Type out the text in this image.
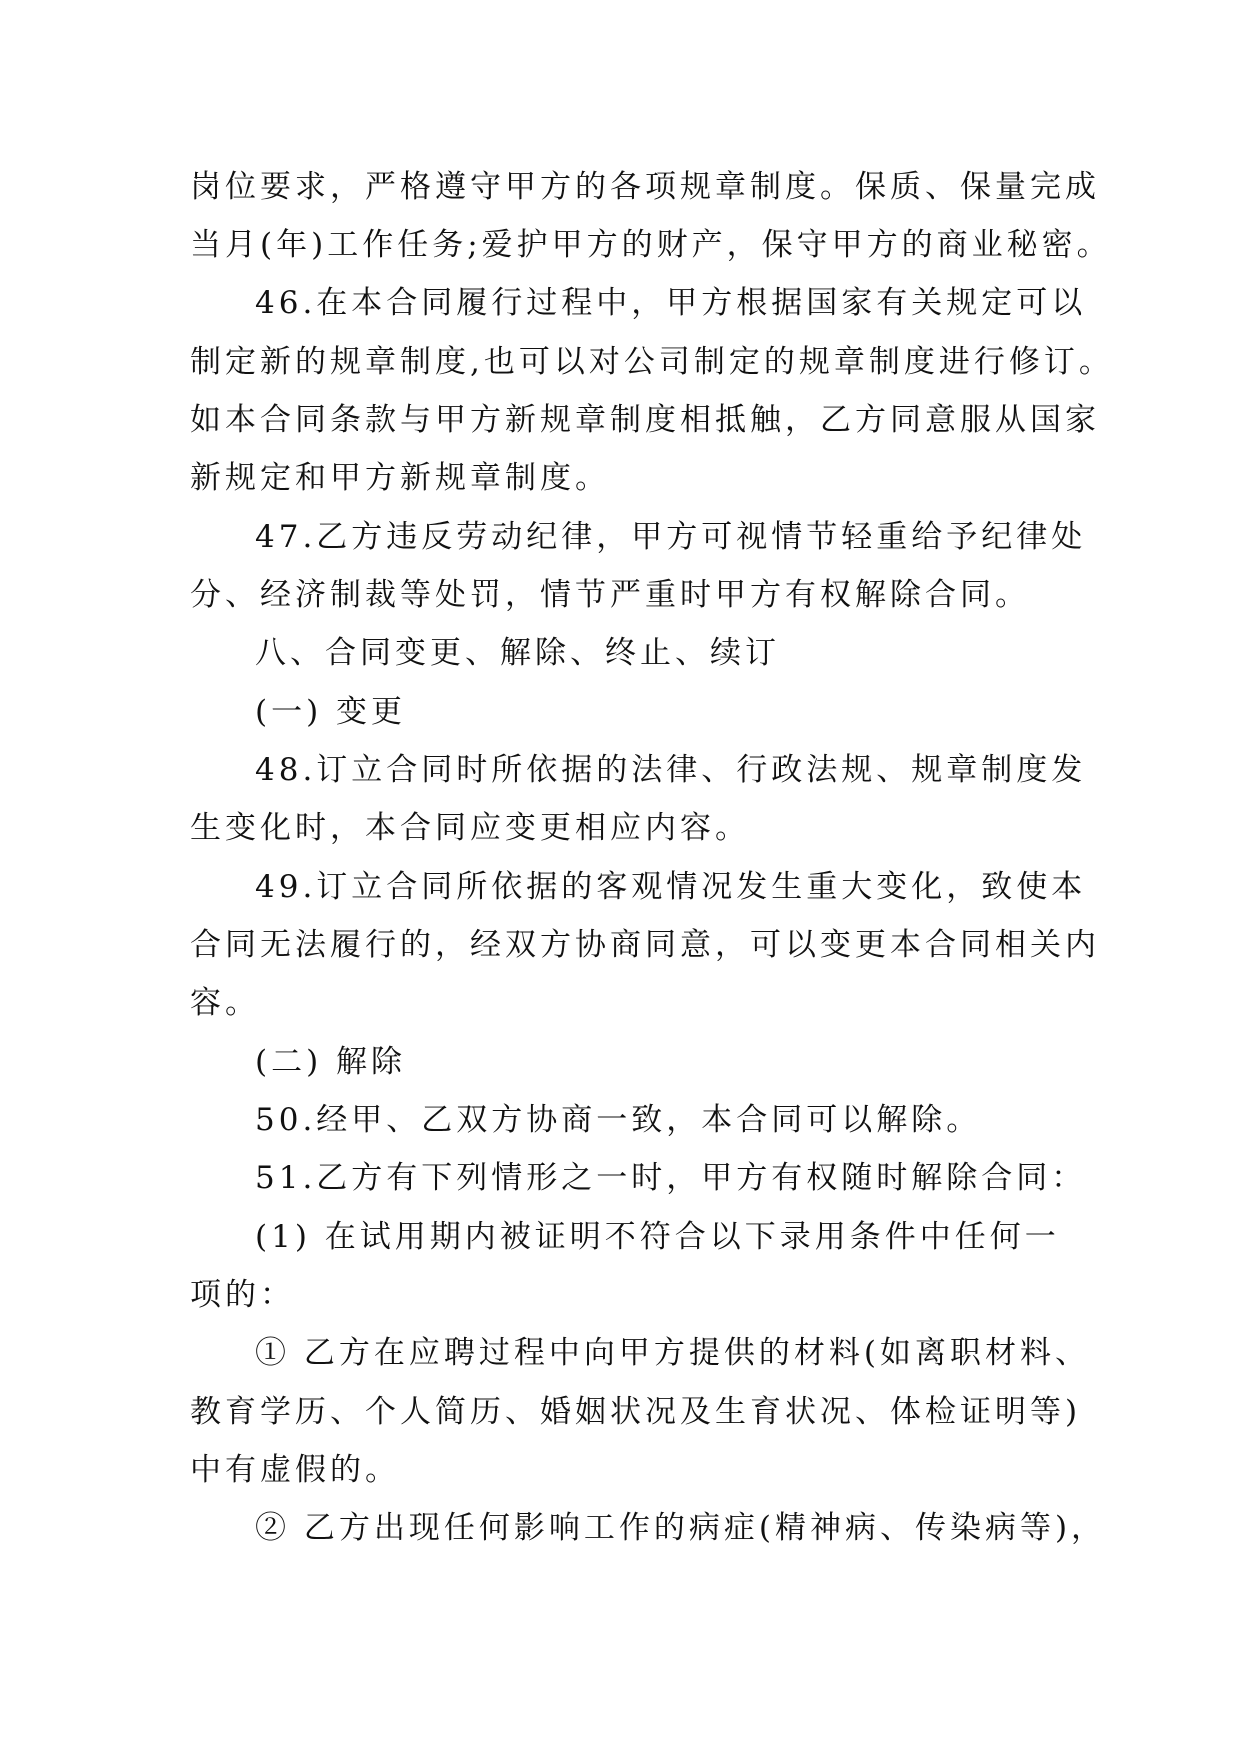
岗位要求，严格遵守甲方的各项规章制度。保质、保量完成
当月(年)工作任务;爱护甲方的财产，保守甲方的商业秘密。
46.在本合同履行过程中，甲方根据国家有关规定可以
制定新的规章制度,也可以对公司制定的规章制度进行修订。
如本合同条款与甲方新规章制度相抵触，乙方同意服从国家
新规定和甲方新规章制度。
47.乙方违反劳动纪律，甲方可视情节轻重给予纪律处
分、经济制裁等处罚，情节严重时甲方有权解除合同。
八、合同变更、解除、终止、续订
(一) 变更
48.订立合同时所依据的法律、行政法规、规章制度发
生变化时，本合同应变更相应内容。
49.订立合同所依据的客观情况发生重大变化，致使本
合同无法履行的，经双方协商同意，可以变更本合同相关内
容。
(二) 解除
50.经甲、乙双方协商一致，本合同可以解除。
51.乙方有下列情形之一时，甲方有权随时解除合同：
(1) 在试用期内被证明不符合以下录用条件中任何一
项的：
① 乙方在应聘过程中向甲方提供的材料(如离职材料、
教育学历、个人简历、婚姻状况及生育状况、体检证明等)
中有虚假的。
② 乙方出现任何影响工作的病症(精神病、传染病等)，
